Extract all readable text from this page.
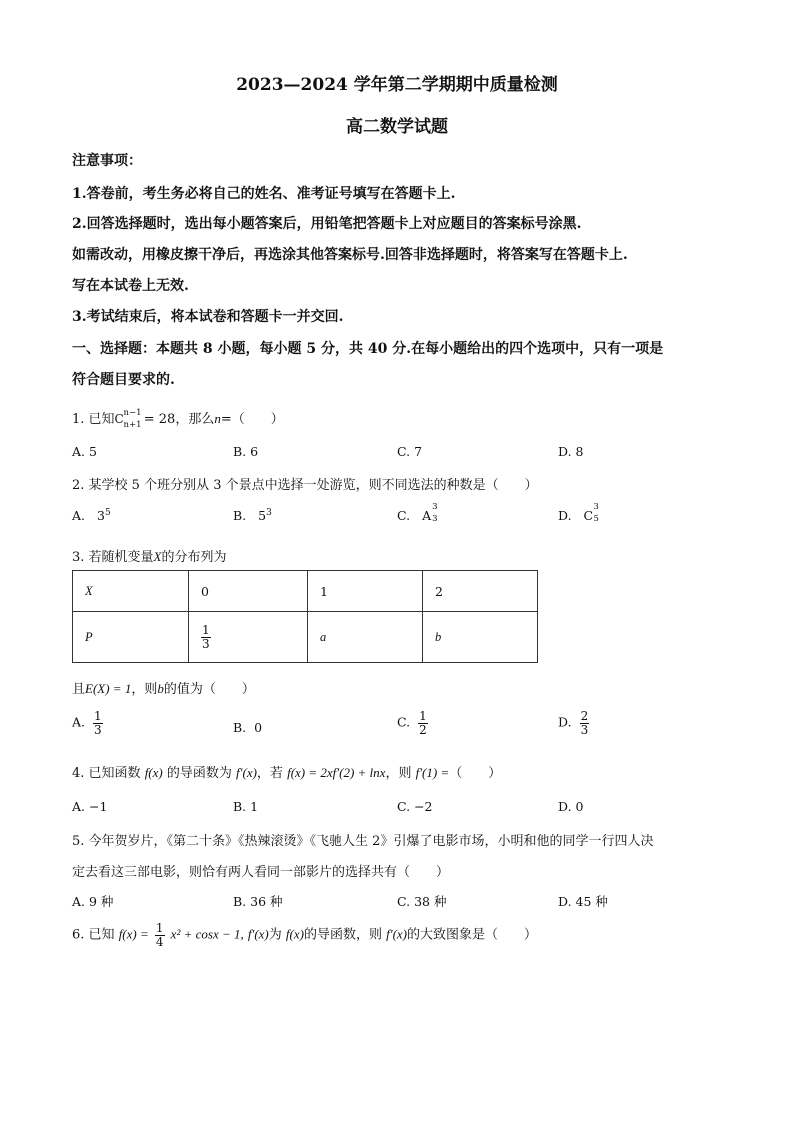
2023—2024 学年第二学期期中质量检测
高二数学试题
注意事项：
1.答卷前，考生务必将自己的姓名、准考证号填写在答题卡上.
2.回答选择题时，选出每小题答案后，用铅笔把答题卡上对应题目的答案标号涂黑.
如需改动，用橡皮擦干净后，再选涂其他答案标号.回答非选择题时，将答案写在答题卡上.
写在本试卷上无效.
3.考试结束后，将本试卷和答题卡一并交回.
一、选择题：本题共 8 小题，每小题 5 分，共 40 分.在每小题给出的四个选项中，只有一项是
符合题目要求的.
1. 已知C n−1
n+1 = 28，那么n=（　　）
A. 5	B. 6	C. 7	D. 8
2. 某学校 5 个班分别从 3 个景点中选择一处游览，则不同选法的种数是（　　）
A. $3^5$	B. $5^3$	C. A
3
3	D. C
3
5
3. 若随机变量X的分布列为
X	0	1	2
P	$\frac{1}{3}$	a	b
且E(X) = 1，则b的值为（　　）
A. $\frac{1}{3}$	B. 0	C. $\frac{1}{2}$	D. $\frac{2}{3}$
4. 已知函数 f(x) 的导函数为 f′(x)，若 f(x) = 2xf′(2) + lnx，则 f′(1) =（　　）
A. −1	B. 1	C. −2	D. 0
5. 今年贺岁片，《第二十条》《热辣滚烫》《飞驰人生 2》引爆了电影市场，小明和他的同学一行四人决
定去看这三部电影，则恰有两人看同一部影片的选择共有（　　）
A. 9 种	B. 36 种	C. 38 种	D. 45 种
6. 已知 $f(x) = \frac{1}{4} x^2 + \cos x - 1$, f′(x)为 f(x)的导函数，则 f′(x)的大致图象是（　　）
